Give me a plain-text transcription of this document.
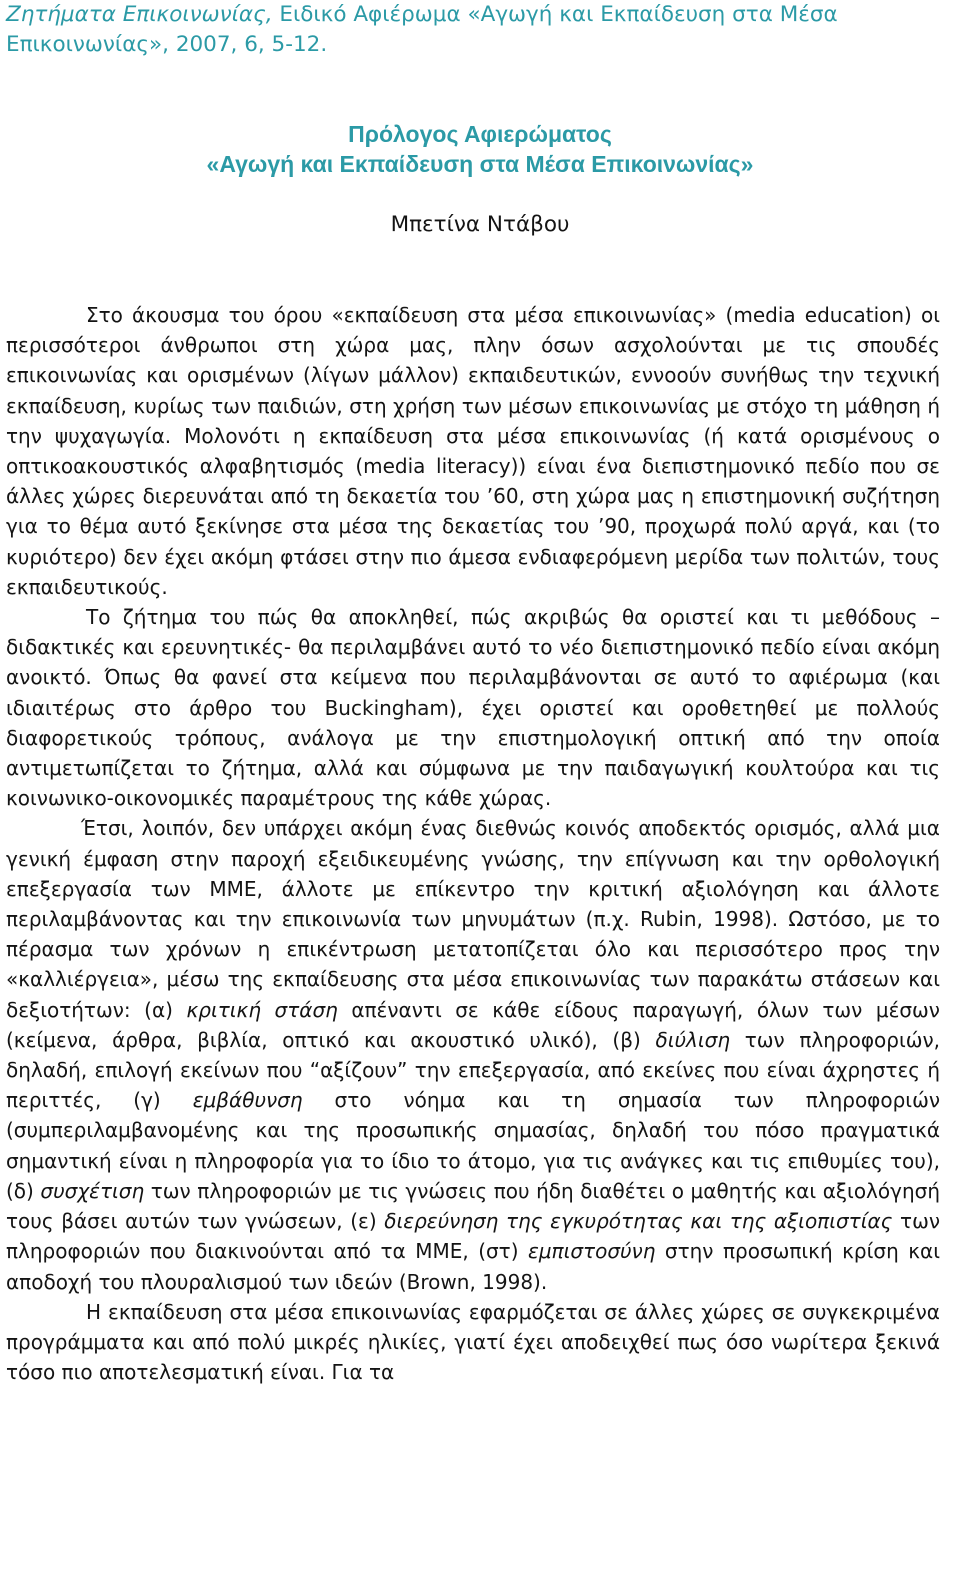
Ζητήματα Επικοινωνίας, Ειδικό Αφιέρωμα «Αγωγή και Εκπαίδευση στα Μέσα Επικοινωνίας», 2007, 6, 5-12.
Πρόλογος Αφιερώματος
«Αγωγή και Εκπαίδευση στα Μέσα Επικοινωνίας»
Μπετίνα Ντάβου

Στο άκουσμα του όρου «εκπαίδευση στα μέσα επικοινωνίας» (media education) οι περισσότεροι άνθρωποι στη χώρα μας, πλην όσων ασχολούνται με τις σπουδές επικοινωνίας και ορισμένων (λίγων μάλλον) εκπαιδευτικών, εννοούν συνήθως την τεχνική εκπαίδευση, κυρίως των παιδιών, στη χρήση των μέσων επικοινωνίας με στόχο τη μάθηση ή την ψυχαγωγία. Μολονότι η εκπαίδευση στα μέσα επικοινωνίας (ή κατά ορισμένους ο οπτικοακουστικός αλφαβητισμός (media literacy)) είναι ένα διεπιστημονικό πεδίο που σε άλλες χώρες διερευνάται από τη δεκαετία του ’60, στη χώρα μας η επιστημονική συζήτηση για το θέμα αυτό ξεκίνησε στα μέσα της δεκαετίας του ’90, προχωρά πολύ αργά, και (το κυριότερο) δεν έχει ακόμη φτάσει στην πιο άμεσα ενδιαφερόμενη μερίδα των πολιτών, τους εκπαιδευτικούς.

Το ζήτημα του πώς θα αποκληθεί, πώς ακριβώς θα οριστεί και τι μεθόδους –διδακτικές και ερευνητικές- θα περιλαμβάνει αυτό το νέο διεπιστημονικό πεδίο είναι ακόμη ανοικτό. Όπως θα φανεί στα κείμενα που περιλαμβάνονται σε αυτό το αφιέρωμα (και ιδιαιτέρως στο άρθρο του Buckingham), έχει οριστεί και οροθετηθεί με πολλούς διαφορετικούς τρόπους, ανάλογα με την επιστημολογική οπτική από την οποία αντιμετωπίζεται το ζήτημα, αλλά και σύμφωνα με την παιδαγωγική κουλτούρα και τις κοινωνικο-οικονομικές παραμέτρους της κάθε χώρας.

Έτσι, λοιπόν, δεν υπάρχει ακόμη ένας διεθνώς κοινός αποδεκτός ορισμός, αλλά μια γενική έμφαση στην παροχή εξειδικευμένης γνώσης, την επίγνωση και την ορθολογική επεξεργασία των ΜΜΕ, άλλοτε με επίκεντρο την κριτική αξιολόγηση και άλλοτε περιλαμβάνοντας και την επικοινωνία των μηνυμάτων (π.χ. Rubin, 1998). Ωστόσο, με το πέρασμα των χρόνων η επικέντρωση μετατοπίζεται όλο και περισσότερο προς την «καλλιέργεια», μέσω της εκπαίδευσης στα μέσα επικοινωνίας των παρακάτω στάσεων και δεξιοτήτων: (α) κριτική στάση απέναντι σε κάθε είδους παραγωγή, όλων των μέσων (κείμενα, άρθρα, βιβλία, οπτικό και ακουστικό υλικό), (β) διύλιση των πληροφοριών, δηλαδή, επιλογή εκείνων που “αξίζουν” την επεξεργασία, από εκείνες που είναι άχρηστες ή περιττές, (γ) εμβάθυνση στο νόημα και τη σημασία των πληροφοριών (συμπεριλαμβανομένης και της προσωπικής σημασίας, δηλαδή του πόσο πραγματικά σημαντική είναι η πληροφορία για το ίδιο το άτομο, για τις ανάγκες και τις επιθυμίες του), (δ) συσχέτιση των πληροφοριών με τις γνώσεις που ήδη διαθέτει ο μαθητής και αξιολόγησή τους βάσει αυτών των γνώσεων, (ε) διερεύνηση της εγκυρότητας και της αξιοπιστίας των πληροφοριών που διακινούνται από τα ΜΜΕ, (στ) εμπιστοσύνη στην προσωπική κρίση και αποδοχή του πλουραλισμού των ιδεών (Brown, 1998).

Η εκπαίδευση στα μέσα επικοινωνίας εφαρμόζεται σε άλλες χώρες σε συγκεκριμένα προγράμματα και από πολύ μικρές ηλικίες, γιατί έχει αποδειχθεί πως όσο νωρίτερα ξεκινά τόσο πιο αποτελεσματική είναι. Για τα
